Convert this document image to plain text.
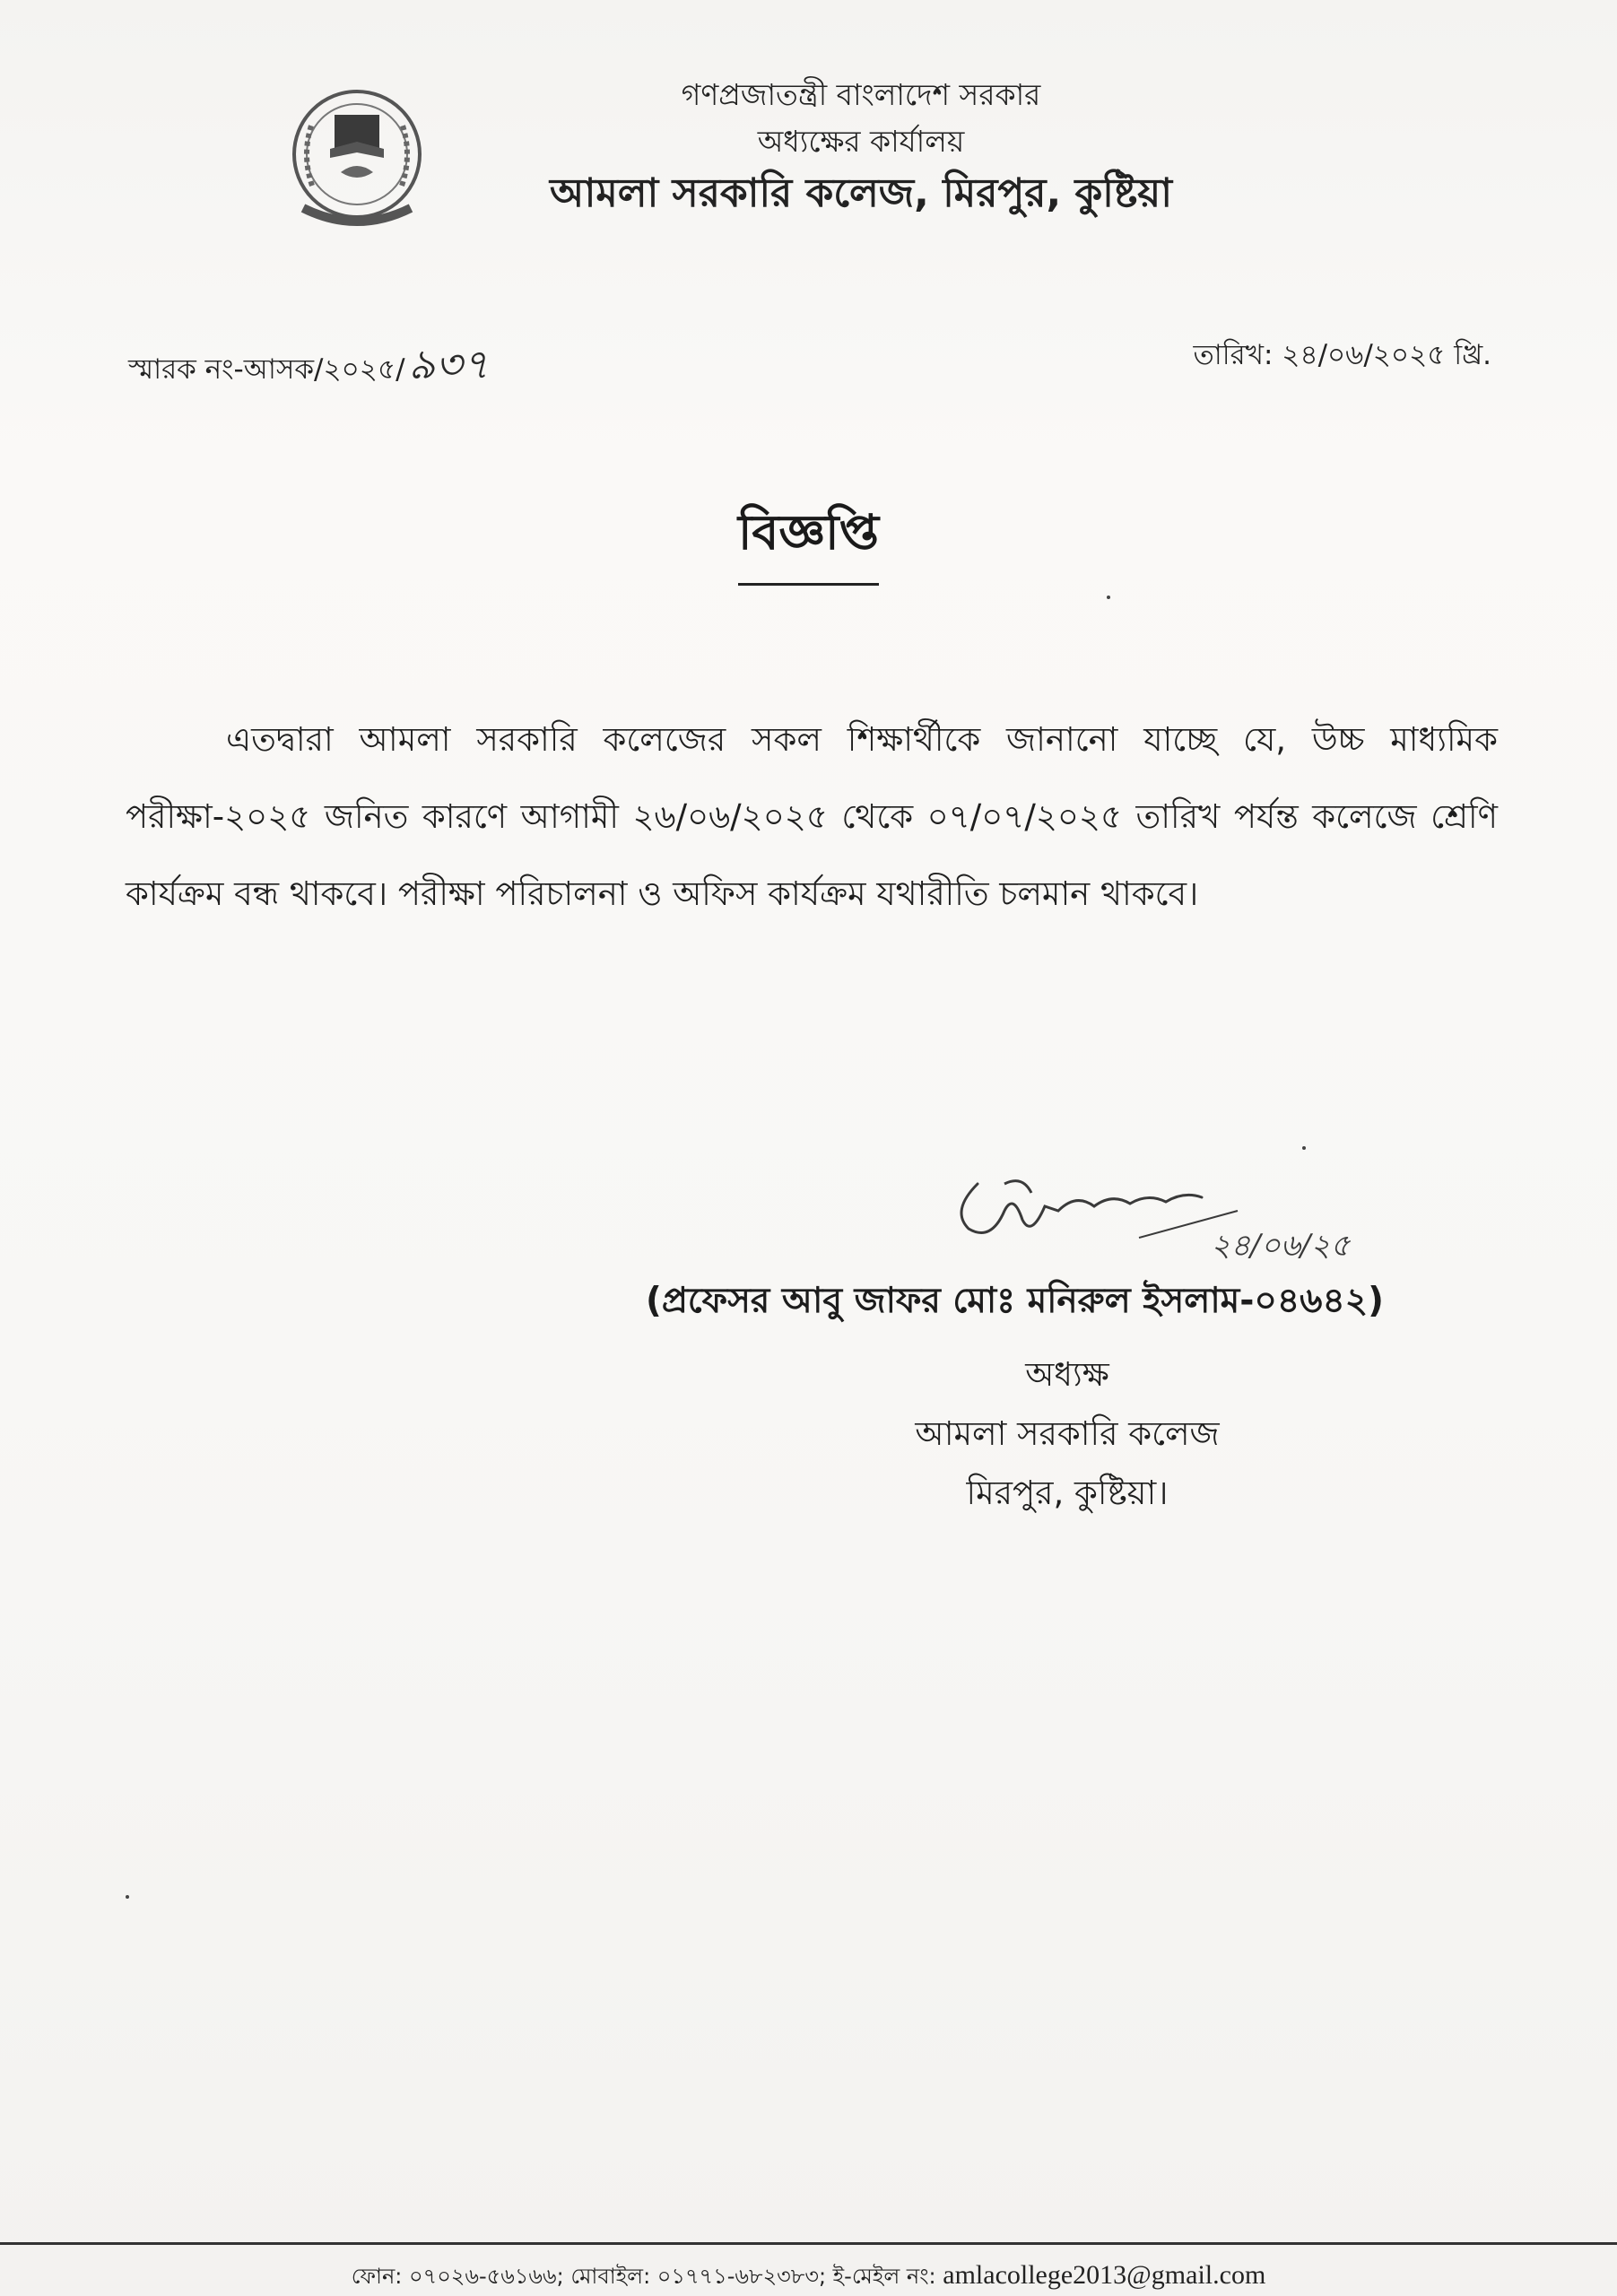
গণপ্রজাতন্ত্রী বাংলাদেশ সরকার
অধ্যক্ষের কার্যালয়
আমলা সরকারি কলেজ, মিরপুর, কুষ্টিয়া
স্মারক নং-আসক/২০২৫/৯৩৭	তারিখ: ২৪/০৬/২০২৫ খ্রি.
বিজ্ঞপ্তি

এতদ্বারা আমলা সরকারি কলেজের সকল শিক্ষার্থীকে জানানো যাচ্ছে যে, উচ্চ মাধ্যমিক পরীক্ষা-২০২৫ জনিত কারণে আগামী ২৬/০৬/২০২৫ থেকে ০৭/০৭/২০২৫ তারিখ পর্যন্ত কলেজে শ্রেণি কার্যক্রম বন্ধ থাকবে। পরীক্ষা পরিচালনা ও অফিস কার্যক্রম যথারীতি চলমান থাকবে।

২৪/০৬/২৫
(প্রফেসর আবু জাফর মোঃ মনিরুল ইসলাম-০৪৬৪২)
অধ্যক্ষ
আমলা সরকারি কলেজ
মিরপুর, কুষ্টিয়া।
ফোন: ০৭০২৬-৫৬১৬৬; মোবাইল: ০১৭৭১-৬৮২৩৮৩; ই-মেইল নং: amlacollege2013@gmail.com
